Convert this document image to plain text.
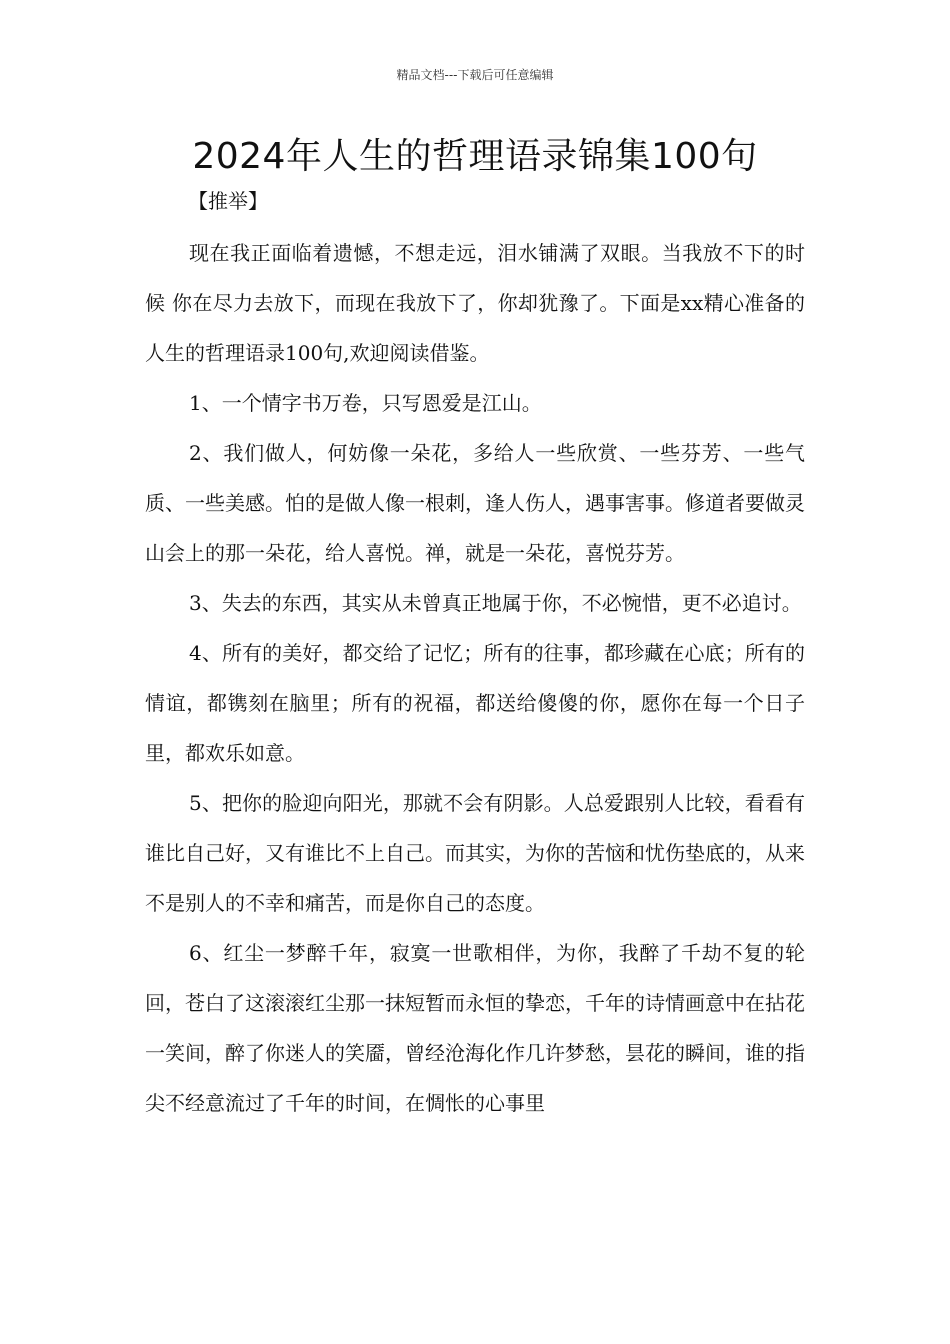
精品文档---下载后可任意编辑
2024年人生的哲理语录锦集100句
【推举】

现在我正面临着遗憾，不想走远，泪水铺满了双眼。当我放不下的时候 你在尽力去放下，而现在我放下了，你却犹豫了。下面是xx精心准备的人生的哲理语录100句,欢迎阅读借鉴。

1、一个情字书万卷，只写恩爱是江山。

2、我们做人，何妨像一朵花，多给人一些欣赏、一些芬芳、一些气质、一些美感。怕的是做人像一根刺，逢人伤人，遇事害事。修道者要做灵山会上的那一朵花，给人喜悦。禅，就是一朵花，喜悦芬芳。

3、失去的东西，其实从未曾真正地属于你，不必惋惜，更不必追讨。

4、所有的美好，都交给了记忆；所有的往事，都珍藏在心底；所有的情谊，都镌刻在脑里；所有的祝福，都送给傻傻的你，愿你在每一个日子里，都欢乐如意。

5、把你的脸迎向阳光，那就不会有阴影。人总爱跟别人比较，看看有谁比自己好，又有谁比不上自己。而其实，为你的苦恼和忧伤垫底的，从来不是别人的不幸和痛苦，而是你自己的态度。

6、红尘一梦醉千年，寂寞一世歌相伴，为你，我醉了千劫不复的轮回，苍白了这滚滚红尘那一抹短暂而永恒的挚恋，千年的诗情画意中在拈花一笑间，醉了你迷人的笑靥，曾经沧海化作几许梦愁，昙花的瞬间，谁的指尖不经意流过了千年的时间，在惆怅的心事里
